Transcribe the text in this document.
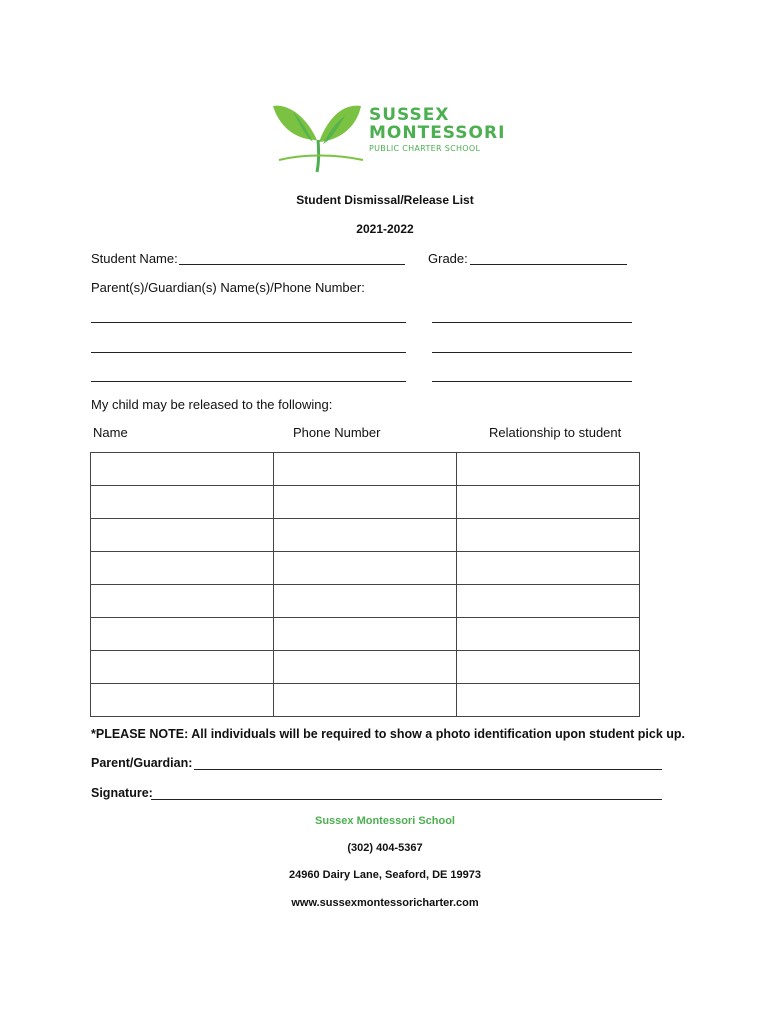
SUSSEX
MONTESSORI
PUBLIC CHARTER SCHOOL
Student Dismissal/Release List
2021-2022
Student Name:	Grade:
Parent(s)/Guardian(s) Name(s)/Phone Number:
My child may be released to the following:
Name	Phone Number	Relationship to student

*PLEASE NOTE: All individuals will be required to show a photo identification upon student pick up.
Parent/Guardian:
Signature:
Sussex Montessori School
(302) 404-5367
24960 Dairy Lane, Seaford, DE 19973
www.sussexmontessoricharter.com
